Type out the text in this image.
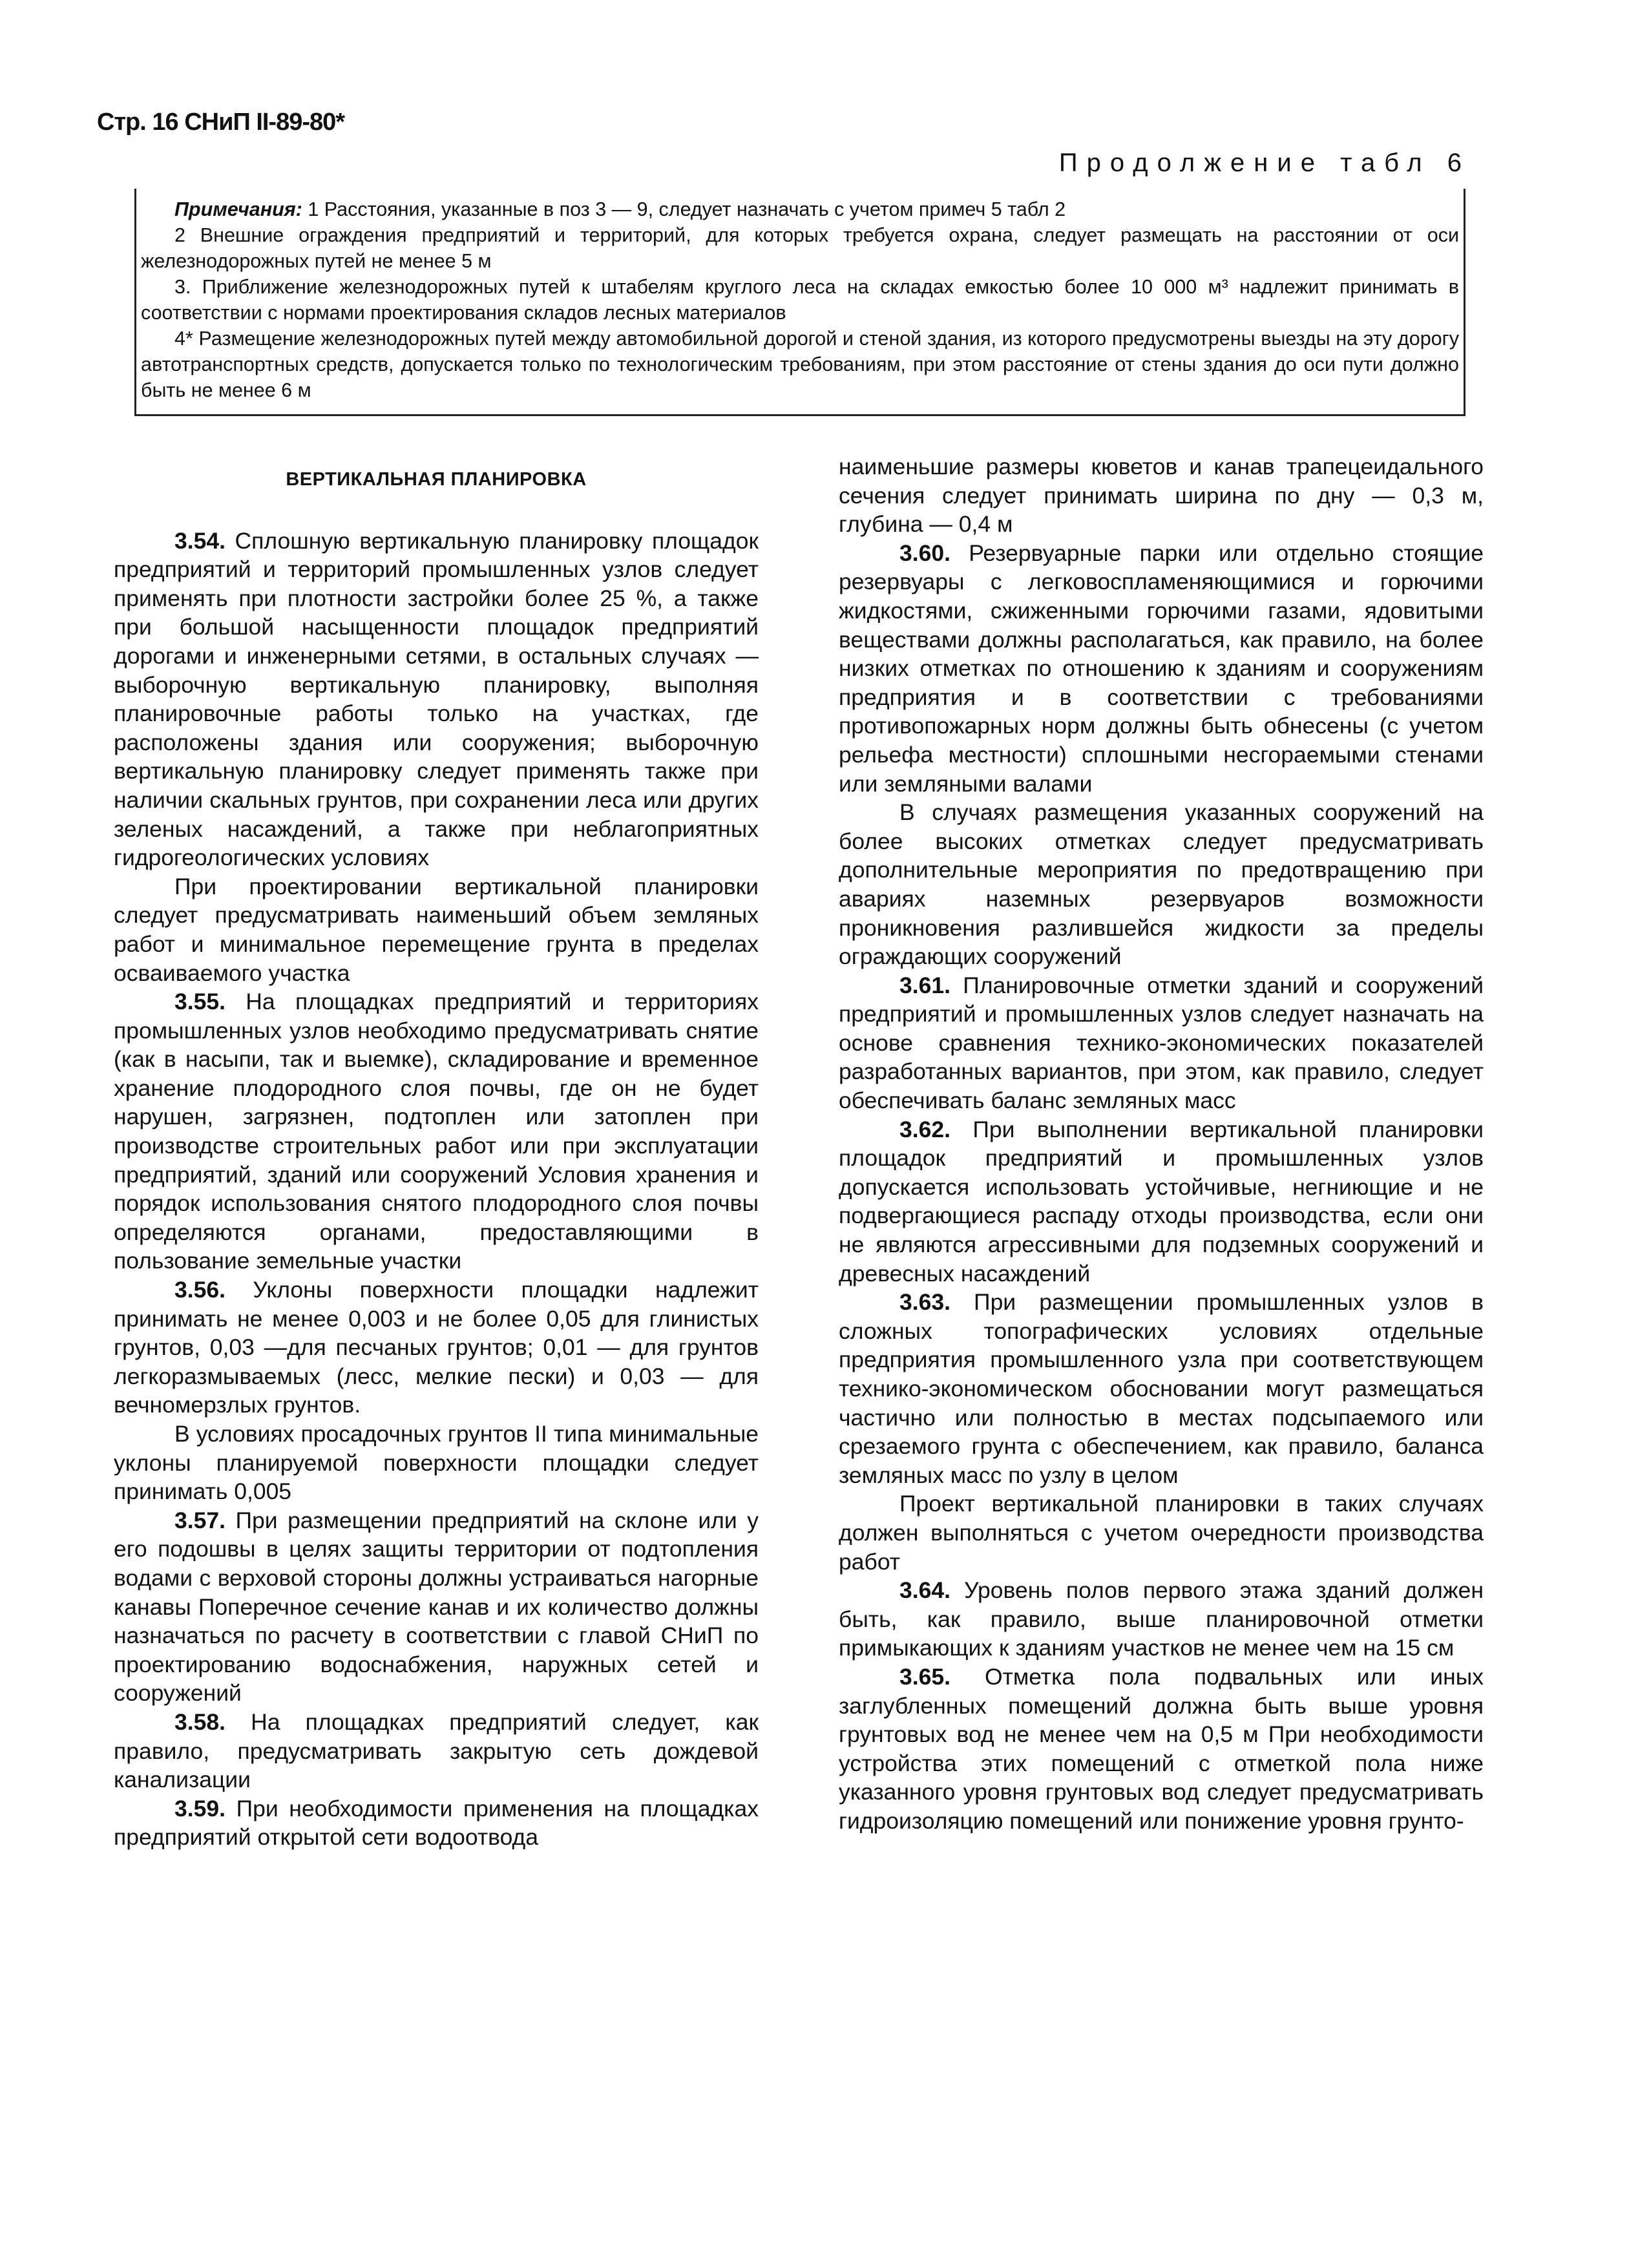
Стр. 16 СНиП II-89-80*
Продолжение табл 6

Примечания: 1 Расстояния, указанные в поз 3 — 9, следует назначать с учетом примеч 5 табл 2

2 Внешние ограждения предприятий и территорий, для которых требуется охрана, следует размещать на расстоянии от оси железнодорожных путей не менее 5 м

3. Приближение железнодорожных путей к штабелям круглого леса на складах емкостью более 10 000 м³ надлежит принимать в соответствии с нормами проектирования складов лесных материалов

4* Размещение железнодорожных путей между автомобильной дорогой и стеной здания, из которого предусмотрены выезды на эту дорогу автотранспортных средств, допускается только по технологическим требованиям, при этом расстояние от стены здания до оси пути должно быть не менее 6 м

ВЕРТИКАЛЬНАЯ ПЛАНИРОВКА

3.54. Сплошную вертикальную планировку площадок предприятий и территорий промышленных узлов следует применять при плотности застройки более 25 %, а также при большой насыщенности площадок предприятий дорогами и инженерными сетями, в остальных случаях — выборочную вертикальную планировку, выполняя планировочные работы только на участках, где расположены здания или сооружения; выборочную вертикальную планировку следует применять также при наличии скальных грунтов, при сохранении леса или других зеленых насаждений, а также при неблагоприятных гидрогеологических условиях

При проектировании вертикальной планировки следует предусматривать наименьший объем земляных работ и минимальное перемещение грунта в пределах осваиваемого участка

3.55. На площадках предприятий и территориях промышленных узлов необходимо предусматривать снятие (как в насыпи, так и выемке), складирование и временное хранение плодородного слоя почвы, где он не будет нарушен, загрязнен, подтоплен или затоплен при производстве строительных работ или при эксплуатации предприятий, зданий или сооружений Условия хранения и порядок использования снятого плодородного слоя почвы определяются органами, предоставляющими в пользование земельные участки

3.56. Уклоны поверхности площадки надлежит принимать не менее 0,003 и не более 0,05 для глинистых грунтов, 0,03 —для песчаных грунтов; 0,01 — для грунтов легкоразмываемых (лесс, мелкие пески) и 0,03 — для вечномерзлых грунтов.

В условиях просадочных грунтов II типа минимальные уклоны планируемой поверхности площадки следует принимать 0,005

3.57. При размещении предприятий на склоне или у его подошвы в целях защиты территории от подтопления водами с верховой стороны должны устраиваться нагорные канавы Поперечное сечение канав и их количество должны назначаться по расчету в соответствии с главой СНиП по проектированию водоснабжения, наружных сетей и сооружений

3.58. На площадках предприятий следует, как правило, предусматривать закрытую сеть дождевой канализации

3.59. При необходимости применения на площадках предприятий открытой сети водоотвода

наименьшие размеры кюветов и канав трапецеидального сечения следует принимать ширина по дну — 0,3 м, глубина — 0,4 м

3.60. Резервуарные парки или отдельно стоящие резервуары с легковоспламеняющимися и горючими жидкостями, сжиженными горючими газами, ядовитыми веществами должны располагаться, как правило, на более низких отметках по отношению к зданиям и сооружениям предприятия и в соответствии с требованиями противопожарных норм должны быть обнесены (с учетом рельефа местности) сплошными несгораемыми стенами или земляными валами

В случаях размещения указанных сооружений на более высоких отметках следует предусматривать дополнительные мероприятия по предотвращению при авариях наземных резервуаров возможности проникновения разлившейся жидкости за пределы ограждающих сооружений

3.61. Планировочные отметки зданий и сооружений предприятий и промышленных узлов следует назначать на основе сравнения технико-экономических показателей разработанных вариантов, при этом, как правило, следует обеспечивать баланс земляных масс

3.62. При выполнении вертикальной планировки площадок предприятий и промышленных узлов допускается использовать устойчивые, негниющие и не подвергающиеся распаду отходы производства, если они не являются агрессивными для подземных сооружений и древесных насаждений

3.63. При размещении промышленных узлов в сложных топографических условиях отдельные предприятия промышленного узла при соответствующем технико-экономическом обосновании могут размещаться частично или полностью в местах подсыпаемого или срезаемого грунта с обеспечением, как правило, баланса земляных масс по узлу в целом

Проект вертикальной планировки в таких случаях должен выполняться с учетом очередности производства работ

3.64. Уровень полов первого этажа зданий должен быть, как правило, выше планировочной отметки примыкающих к зданиям участков не менее чем на 15 см

3.65. Отметка пола подвальных или иных заглубленных помещений должна быть выше уровня грунтовых вод не менее чем на 0,5 м При необходимости устройства этих помещений с отметкой пола ниже указанного уровня грунтовых вод следует предусматривать гидроизоляцию помещений или понижение уровня грунто-
